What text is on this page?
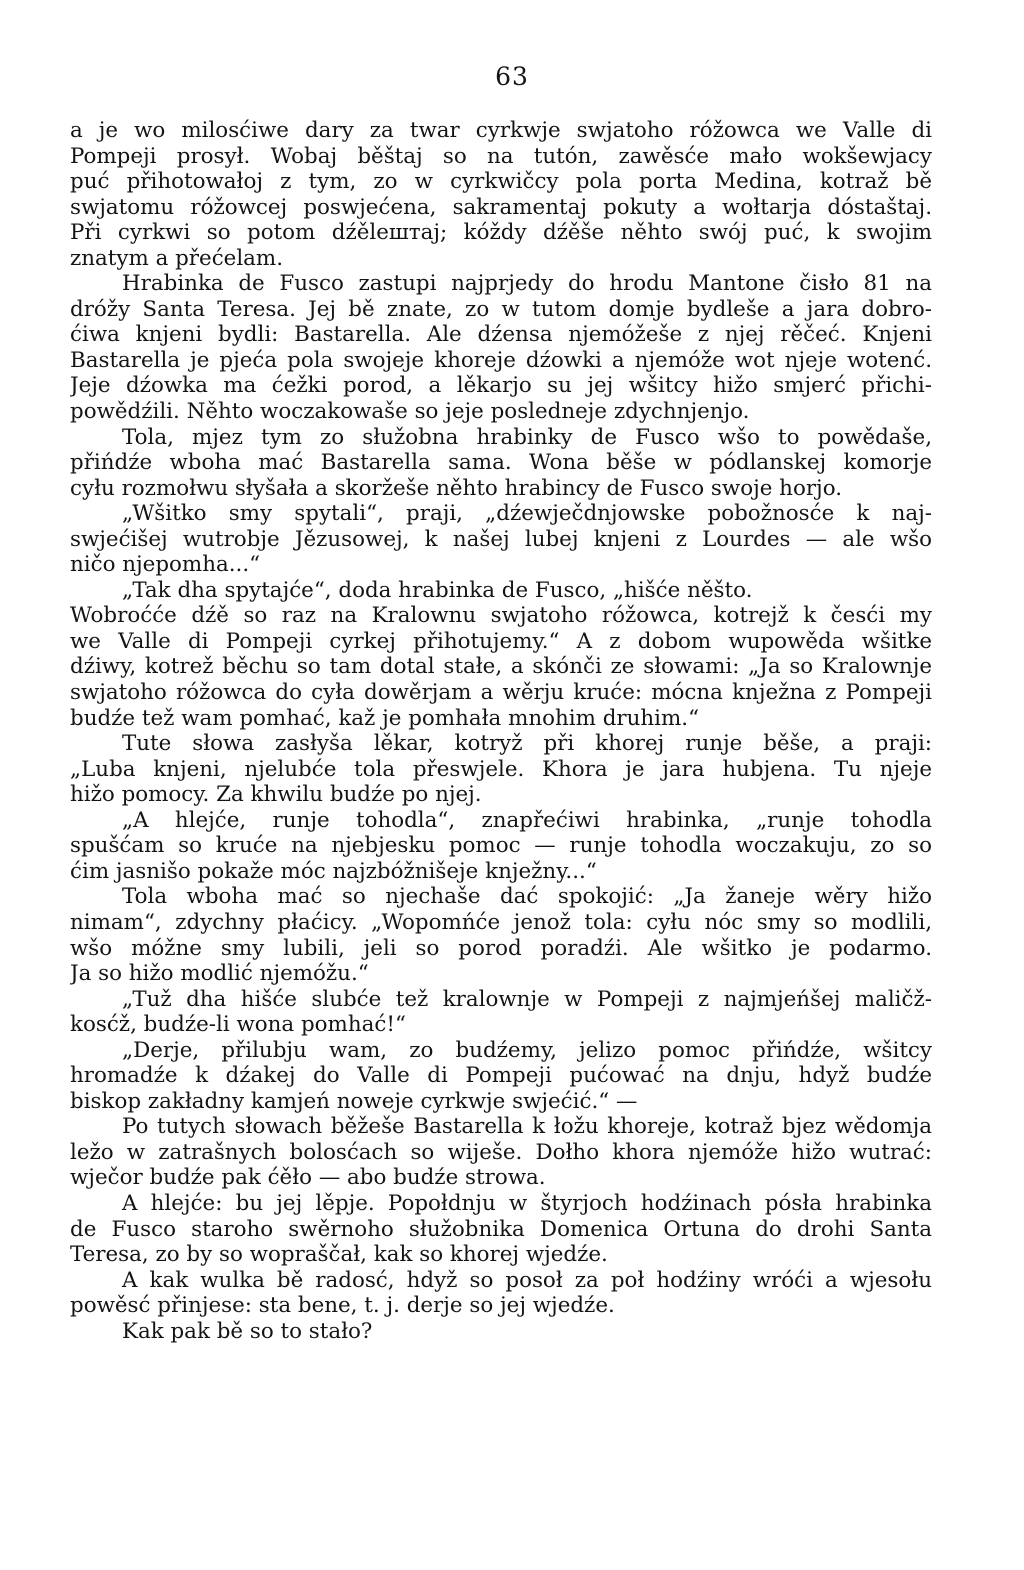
63
a je wo milosćiwe dary za twar cyrkwje swjatoho róžowca we Valle di
Pompeji prosył. Wobaj běštaj so na tutón, zawěsće mało wokšewjacy
puć přihotowałoj z tym, zo w cyrkwičcy pola porta Medina, kotraž bě
swjatomu róžowcej poswjećena, sakramentaj pokuty a wołtarja dóstaštaj.
Při cyrkwi so potom dźělештaj; kóždy dźěše něhto swój puć, k swojim
znatym a přećelam.
Hrabinka de Fusco zastupi najprjedy do hrodu Mantone čisło 81 na
dróžy Santa Teresa. Jej bě znate, zo w tutom domje bydleše a jara dobro-
ćiwa knjeni bydli: Bastarella. Ale dźensa njemóžeše z njej rěčeć. Knjeni
Bastarella je pjeća pola swojeje khoreje dźowki a njemóže wot njeje wotenć.
Jeje dźowka ma ćežki porod, a lěkarjo su jej wšitcy hižo smjerć přichi-
powědźili. Něhto woczakowaše so jeje posledneje zdychnjenjo.
Tola, mjez tym zo słužobna hrabinky de Fusco wšo to powědaše,
přińdźe wboha mać Bastarella sama. Wona běše w pódlanskej komorje
cyłu rozmołwu słyšała a skoržeše něhto hrabincy de Fusco swoje horjo.
„Wšitko smy spytali“, praji, „dźewječdnjowske pobožnosće k naj-
swjećišej wutrobje Jězusowej, k našej lubej knjeni z Lourdes — ale wšo
ničo njepomha...“
„Tak dha spytajće“, doda hrabinka de Fusco, „hišće něšto.
Wobroćće dźě so raz na Kralownu swjatoho róžowca, kotrejž k česći my
we Valle di Pompeji cyrkej přihotujemy.“ A z dobom wupowěda wšitke
dźiwy, kotrež běchu so tam dotal stałe, a skónči ze słowami: „Ja so Kralownje
swjatoho róžowca do cyła dowěrjam a wěrju kruće: mócna knježna z Pompeji
budźe tež wam pomhać, kaž je pomhała mnohim druhim.“
Tute słowa zasłyša lěkar, kotryž při khorej runje běše, a praji:
„Luba knjeni, njelubće tola přeswjele. Khora je jara hubjena. Tu njeje
hižo pomocy. Za khwilu budźe po njej.
„A hlejće, runje tohodla“, znapřećiwi hrabinka, „runje tohodla
spušćam so kruće na njebjesku pomoc — runje tohodla woczakuju, zo so
ćim jasnišo pokaže móc najzbóžnišeje knježny...“
Tola wboha mać so njechaše dać spokojić: „Ja žaneje wěry hižo
nimam“, zdychny płaćicy. „Wopomńće jenož tola: cyłu nóc smy so modlili,
wšo móžne smy lubili, jeli so porod poradźi. Ale wšitko je podarmo.
Ja so hižo modlić njemóžu.“
„Tuž dha hišće slubće tež kralownje w Pompeji z najmjeńšej maličž-
kosćž, budźe-li wona pomhać!“
„Derje, přilubju wam, zo budźemy, jelizo pomoc přińdźe, wšitcy
hromadźe k dźakej do Valle di Pompeji pućować na dnju, hdyž budźe
biskop zakładny kamjeń noweje cyrkwje swjećić.“ —
Po tutych słowach běžeše Bastarella k łožu khoreje, kotraž bjez wědomja
ležo w zatrašnych bolosćach so wiješe. Dołho khora njemóže hižo wutrać:
wječor budźe pak ćěło — abo budźe strowa.
A hlejće: bu jej lěpje. Popołdnju w štyrjoch hodźinach pósła hrabinka
de Fusco staroho swěrnoho słužobnika Domenica Ortuna do drohi Santa
Teresa, zo by so wopraščał, kak so khorej wjedźe.
A kak wulka bě radosć, hdyž so posoł za poł hodźiny wróći a wjesołu
powěsć přinjese: sta bene, t. j. derje so jej wjedźe.
Kak pak bě so to stało?
